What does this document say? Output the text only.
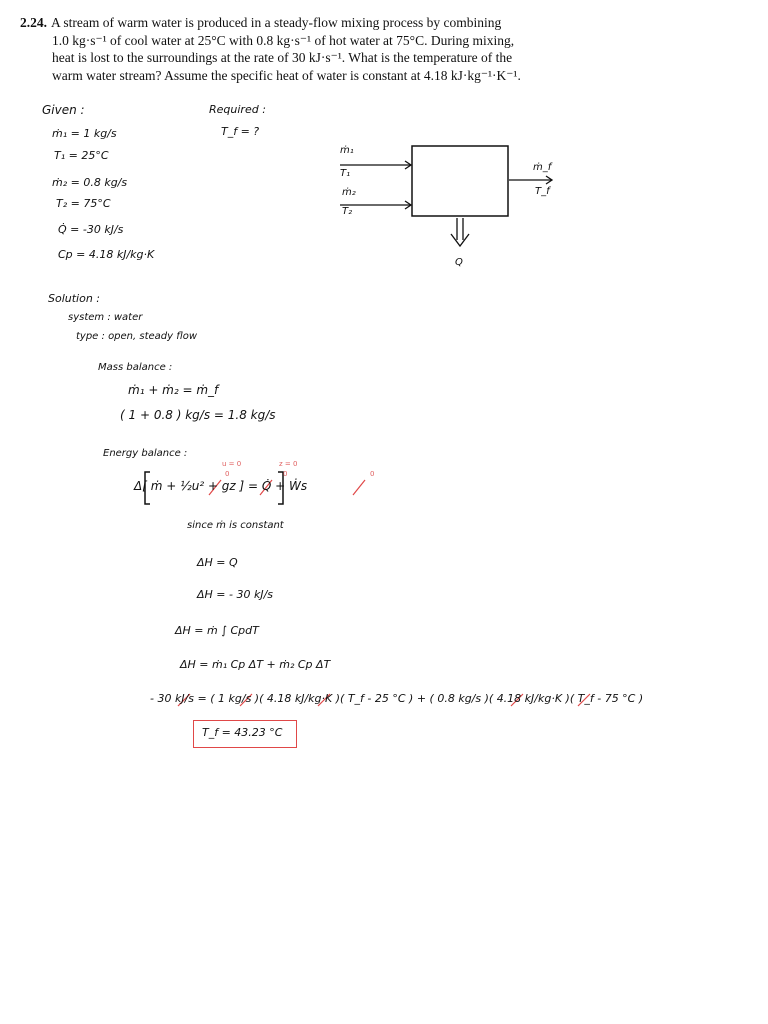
2.24. A stream of warm water is produced in a steady-flow mixing process by combining
1.0 kg·s⁻¹ of cool water at 25°C with 0.8 kg·s⁻¹ of hot water at 75°C. During mixing,
heat is lost to the surroundings at the rate of 30 kJ·s⁻¹. What is the temperature of the
warm water stream? Assume the specific heat of water is constant at 4.18 kJ·kg⁻¹·K⁻¹.
Given :
ṁ₁ = 1 kg/s
T₁ = 25°C
ṁ₂ = 0.8 kg/s
T₂ = 75°C
Q̇ = -30 kJ/s
Cp = 4.18 kJ/kg·K
Required :
T_f = ?
ṁ₁
T₁
ṁ₂
T₂
ṁ_f
T_f
Q
Solution :
system : water
type : open, steady flow
Mass balance :
ṁ₁ + ṁ₂ = ṁ_f
( 1 + 0.8 ) kg/s = 1.8 kg/s
Energy balance :
u = 0	z = 0
0	0	0
Δ[ ṁ + ½u² + gz ] = Q̇ + Ẇs
since ṁ is constant
ΔH = Q
ΔH = - 30 kJ/s
ΔH = ṁ ∫ CpdT
ΔH = ṁ₁ Cp ΔT + ṁ₂ Cp ΔT
- 30 kJ/s = ( 1 kg/s )( 4.18 kJ/kg·K )( T_f - 25 °C ) + ( 0.8 kg/s )( 4.18 kJ/kg·K )( T_f - 75 °C )
T_f = 43.23 °C
